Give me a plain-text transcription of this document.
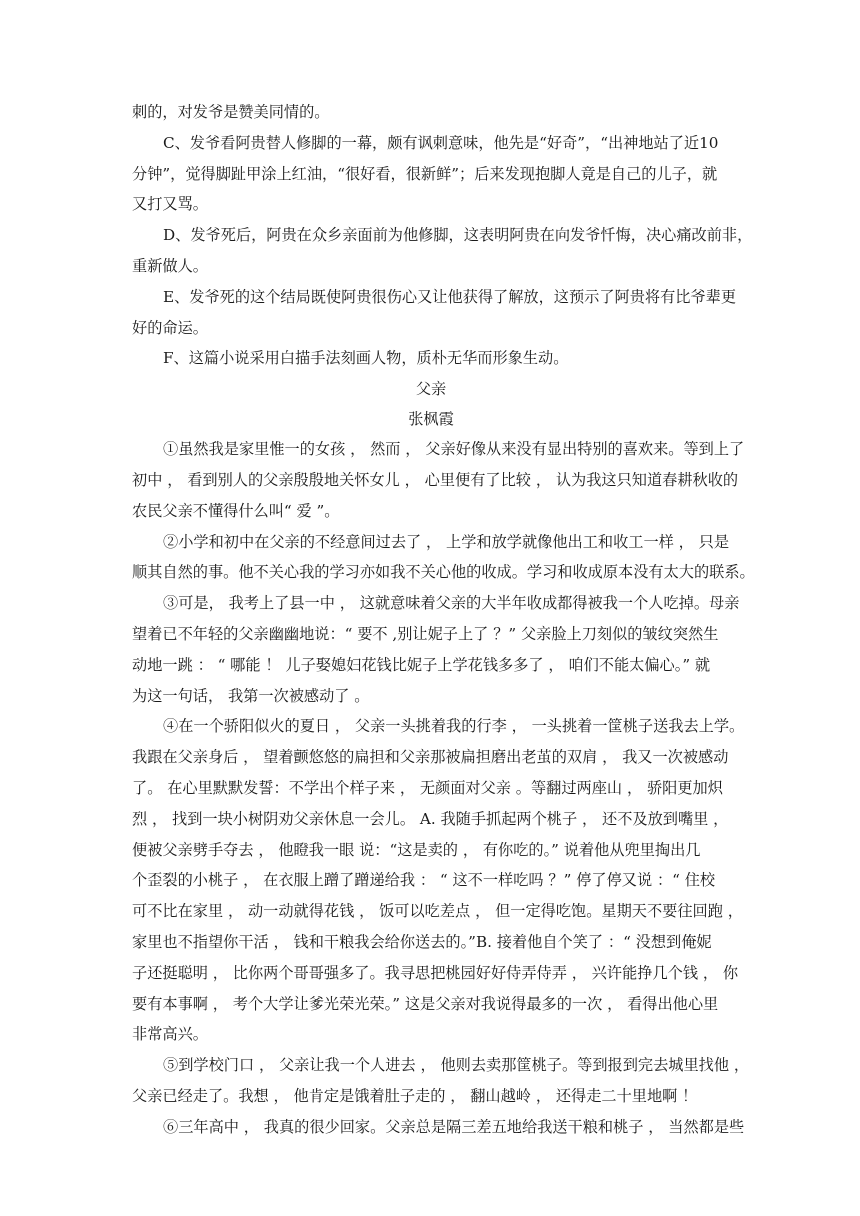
刺的，对发爷是赞美同情的。

C、发爷看阿贵替人修脚的一幕，颇有讽刺意味，他先是“好奇”，“出神地站了近10

分钟”，觉得脚趾甲涂上红油，“很好看，很新鲜”；后来发现抱脚人竟是自己的儿子，就

又打又骂。

D、发爷死后，阿贵在众乡亲面前为他修脚，这表明阿贵在向发爷忏悔，决心痛改前非，

重新做人。

E、发爷死的这个结局既使阿贵很伤心又让他获得了解放，这预示了阿贵将有比爷辈更

好的命运。

F、这篇小说采用白描手法刻画人物，质朴无华而形象生动。

父亲

张枫霞

①虽然我是家里惟一的女孩 ， 然而 ， 父亲好像从来没有显出特别的喜欢来。等到上了

初中 ， 看到别人的父亲殷殷地关怀女儿 ， 心里便有了比较 ， 认为我这只知道春耕秋收的

农民父亲不懂得什么叫“ 爱 ”。

②小学和初中在父亲的不经意间过去了 ， 上学和放学就像他出工和收工一样 ， 只是

顺其自然的事。他不关心我的学习亦如我不关心他的收成。学习和收成原本没有太大的联系。

③可是， 我考上了县一中 ， 这就意味着父亲的大半年收成都得被我一个人吃掉。母亲

望着已不年轻的父亲幽幽地说：“ 要不 ,别让妮子上了 ？” 父亲脸上刀刻似的皱纹突然生

动地一跳 ： “ 哪能 ！ 儿子娶媳妇花钱比妮子上学花钱多多了 ， 咱们不能太偏心。” 就

为这一句话， 我第一次被感动了 。

④在一个骄阳似火的夏日 ， 父亲一头挑着我的行李 ， 一头挑着一筐桃子送我去上学。

我跟在父亲身后 ， 望着颤悠悠的扁担和父亲那被扁担磨出老茧的双肩 ， 我又一次被感动

了。 在心里默默发誓：不学出个样子来 ， 无颜面对父亲 。等翻过两座山 ， 骄阳更加炽

烈 ， 找到一块小树阴劝父亲休息一会儿。 A. 我随手抓起两个桃子 ， 还不及放到嘴里 ，

便被父亲劈手夺去 ， 他瞪我一眼 说：“这是卖的 ， 有你吃的。” 说着他从兜里掏出几

个歪裂的小桃子 ， 在衣服上蹭了蹭递给我 ： “ 这不一样吃吗 ？” 停了停又说 ：“ 住校

可不比在家里 ， 动一动就得花钱 ， 饭可以吃差点 ， 但一定得吃饱。星期天不要往回跑 ，

家里也不指望你干活 ， 钱和干粮我会给你送去的。”B. 接着他自个笑了 ：“ 没想到俺妮

子还挺聪明 ， 比你两个哥哥强多了。我寻思把桃园好好侍弄侍弄 ， 兴许能挣几个钱 ， 你

要有本事啊 ， 考个大学让爹光荣光荣。” 这是父亲对我说得最多的一次 ， 看得出他心里

非常高兴。

⑤到学校门口 ， 父亲让我一个人进去 ， 他则去卖那筐桃子。等到报到完去城里找他 ，

父亲已经走了。我想 ， 他肯定是饿着肚子走的 ， 翻山越岭 ， 还得走二十里地啊 ！

⑥三年高中 ， 我真的很少回家。父亲总是隔三差五地给我送干粮和桃子 ， 当然都是些
